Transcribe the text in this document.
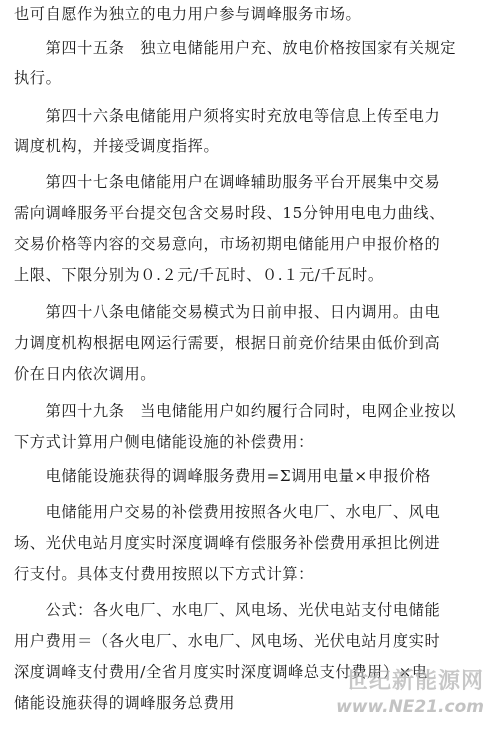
也可自愿作为独立的电力用户参与调峰服务市场。
　　第四十五条　独立电储能用户充、放电价格按国家有关规定
执行。
　　第四十六条电储能用户须将实时充放电等信息上传至电力
调度机构，并接受调度指挥。
　　第四十七条电储能用户在调峰辅助服务平台开展集中交易
需向调峰服务平台提交包含交易时段、15分钟用电电力曲线、
交易价格等内容的交易意向，市场初期电储能用户申报价格的
上限、下限分别为０.２元/千瓦时、０.１元/千瓦时。
　　第四十八条电储能交易模式为日前申报、日内调用。由电
力调度机构根据电网运行需要，根据日前竞价结果由低价到高
价在日内依次调用。
　　第四十九条　当电储能用户如约履行合同时，电网企业按以
下方式计算用户侧电储能设施的补偿费用：
　　电储能设施获得的调峰服务费用=Σ调用电量×申报价格
　　电储能用户交易的补偿费用按照各火电厂、水电厂、风电
场、光伏电站月度实时深度调峰有偿服务补偿费用承担比例进
行支付。具体支付费用按照以下方式计算：
　　公式：各火电厂、水电厂、风电场、光伏电站支付电储能
用户费用＝（各火电厂、水电厂、风电场、光伏电站月度实时
深度调峰支付费用/全省月度实时深度调峰总支付费用）×电
储能设施获得的调峰服务总费用
世纪新能源网
www.NE21.com
